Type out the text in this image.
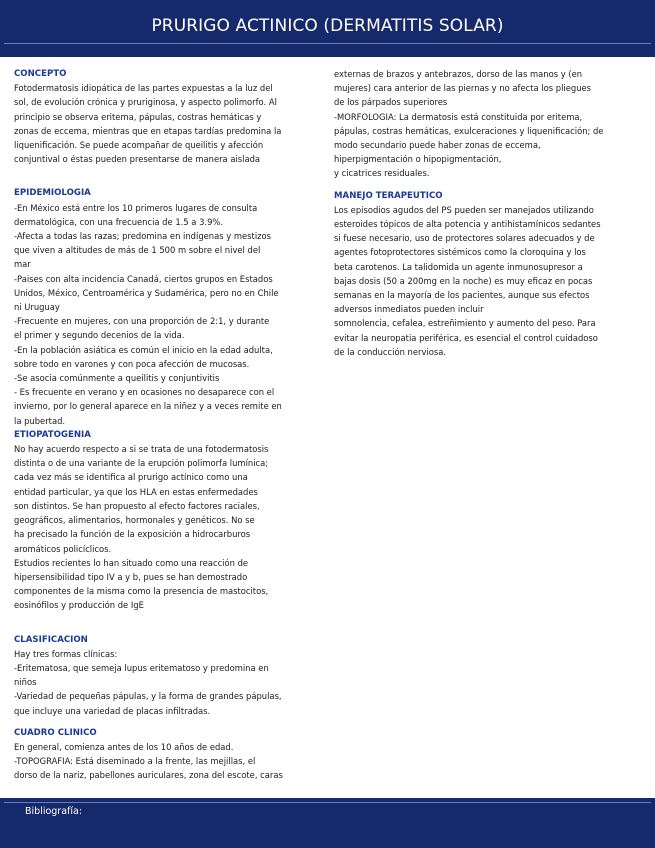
PRURIGO ACTINICO (DERMATITIS SOLAR)
CONCEPTO
Fotodermatosis idiopática de las partes expuestas a la luz del
sol, de evolución crónica y pruriginosa, y aspecto polimorfo. Al
principio se observa eritema, pápulas, costras hemáticas y
zonas de eccema, mientras que en etapas tardías predomina la
liquenificación. Se puede acompañar de queilitis y afección
conjuntival o éstas pueden presentarse de manera aislada
EPIDEMIOLOGIA
-En México está entre los 10 primeros lugares de consulta
dermatológica, con una frecuencia de 1.5 a 3.9%.
-Afecta a todas las razas; predomina en indígenas y mestizos
que viven a altitudes de más de 1 500 m sobre el nivel del
mar
-Paises con alta incidencia Canadá, ciertos grupos en Estados
Unidos, México, Centroamérica y Sudamérica, pero no en Chile
ni Uruguay
-Frecuente en mujeres, con una proporción de 2:1, y durante
el primer y segundo decenios de la vida.
-En la población asiática es común el inicio en la edad adulta,
sobre todo en varones y con poca afección de mucosas.
-Se asocia comúnmente a queilitis y conjuntivitis
- Es frecuente en verano y en ocasiones no desaparece con el
invierno, por lo general aparece en la niñez y a veces remite en
la pubertad.
ETIOPATOGENIA
No hay acuerdo respecto a si se trata de una fotodermatosis
distinta o de una variante de la erupción polimorfa lumínica;
cada vez más se identifica al prurigo actínico como una
entidad particular, ya que los HLA en estas enfermedades
son distintos. Se han propuesto al efecto factores raciales,
geográficos, alimentarios, hormonales y genéticos. No se
ha precisado la función de la exposición a hidrocarburos
aromáticos policíclicos.
Estudios recientes lo han situado como una reacción de
hipersensibilidad tipo IV a y b, pues se han demostrado
componentes de la misma como la presencia de mastocitos,
eosinófilos y producción de IgE
CLASIFICACION
Hay tres formas clínicas:
-Eritematosa, que semeja lupus eritematoso y predomina en
niños
-Variedad de pequeñas pápulas, y la forma de grandes pápulas,
que incluye una variedad de placas infiltradas.
CUADRO CLINICO
En general, comienza antes de los 10 años de edad.
-TOPOGRAFIA: Está diseminado a la frente, las mejillas, el
dorso de la nariz, pabellones auriculares, zona del escote, caras
externas de brazos y antebrazos, dorso de las manos y (en
mujeres) cara anterior de las piernas y no afecta los pliegues
de los párpados superiores
-MORFOLOGIA: La dermatosis está constituida por eritema,
pápulas, costras hemáticas, exulceraciones y liquenificación; de
modo secundario puede haber zonas de eccema,
hiperpigmentación o hipopigmentación,
y cicatrices residuales.
MANEJO TERAPEUTICO
Los episodios agudos del PS pueden ser manejados utilizando
esteroides tópicos de alta potencia y antihistamínicos sedantes
si fuese necesario, uso de protectores solares adecuados y de
agentes fotoprotectores sistémicos como la cloroquina y los
beta carotenos. La talidomida un agente inmunosupresor a
bajas dosis (50 a 200mg en la noche) es muy eficaz en pocas
semanas en la mayoría de los pacientes, aunque sus efectos
adversos inmediatos pueden incluir
somnolencia, cefalea, estreñimiento y aumento del peso. Para
evitar la neuropatia periférica, es esencial el control cuidadoso
de la conducción nerviosa.
Bibliografía:
